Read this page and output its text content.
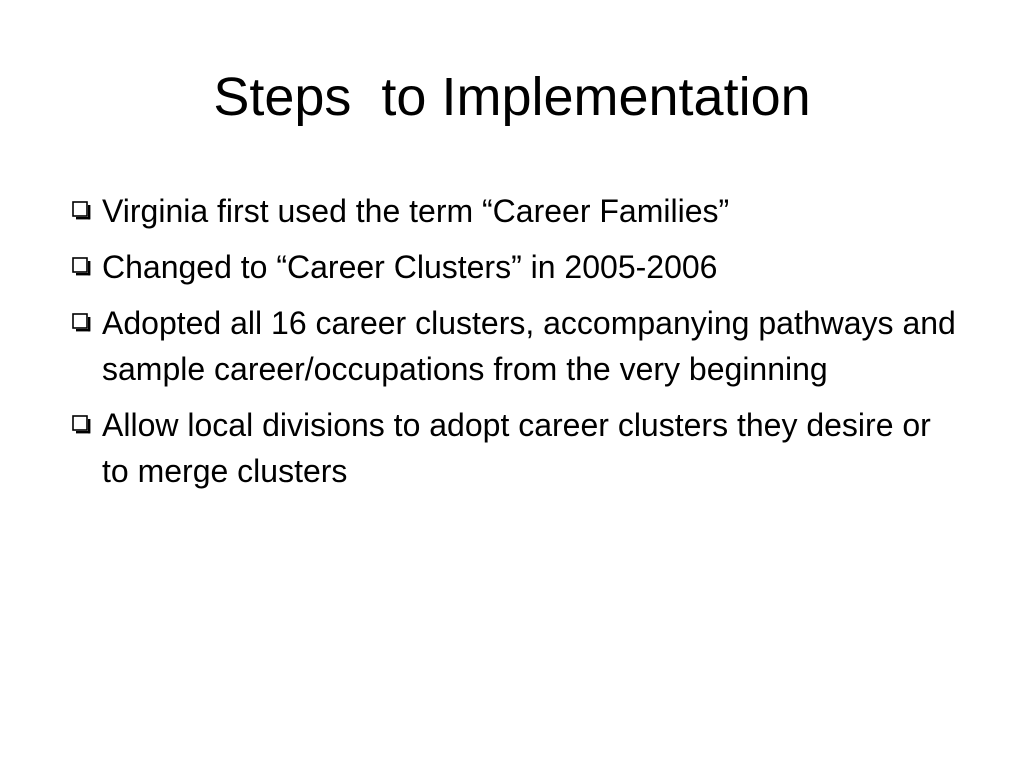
Steps  to Implementation
Virginia first used the term “Career Families”
Changed to “Career Clusters” in 2005-2006
Adopted all 16 career clusters, accompanying pathways and sample career/occupations from the very beginning
Allow local divisions to adopt career clusters they desire or to merge clusters
